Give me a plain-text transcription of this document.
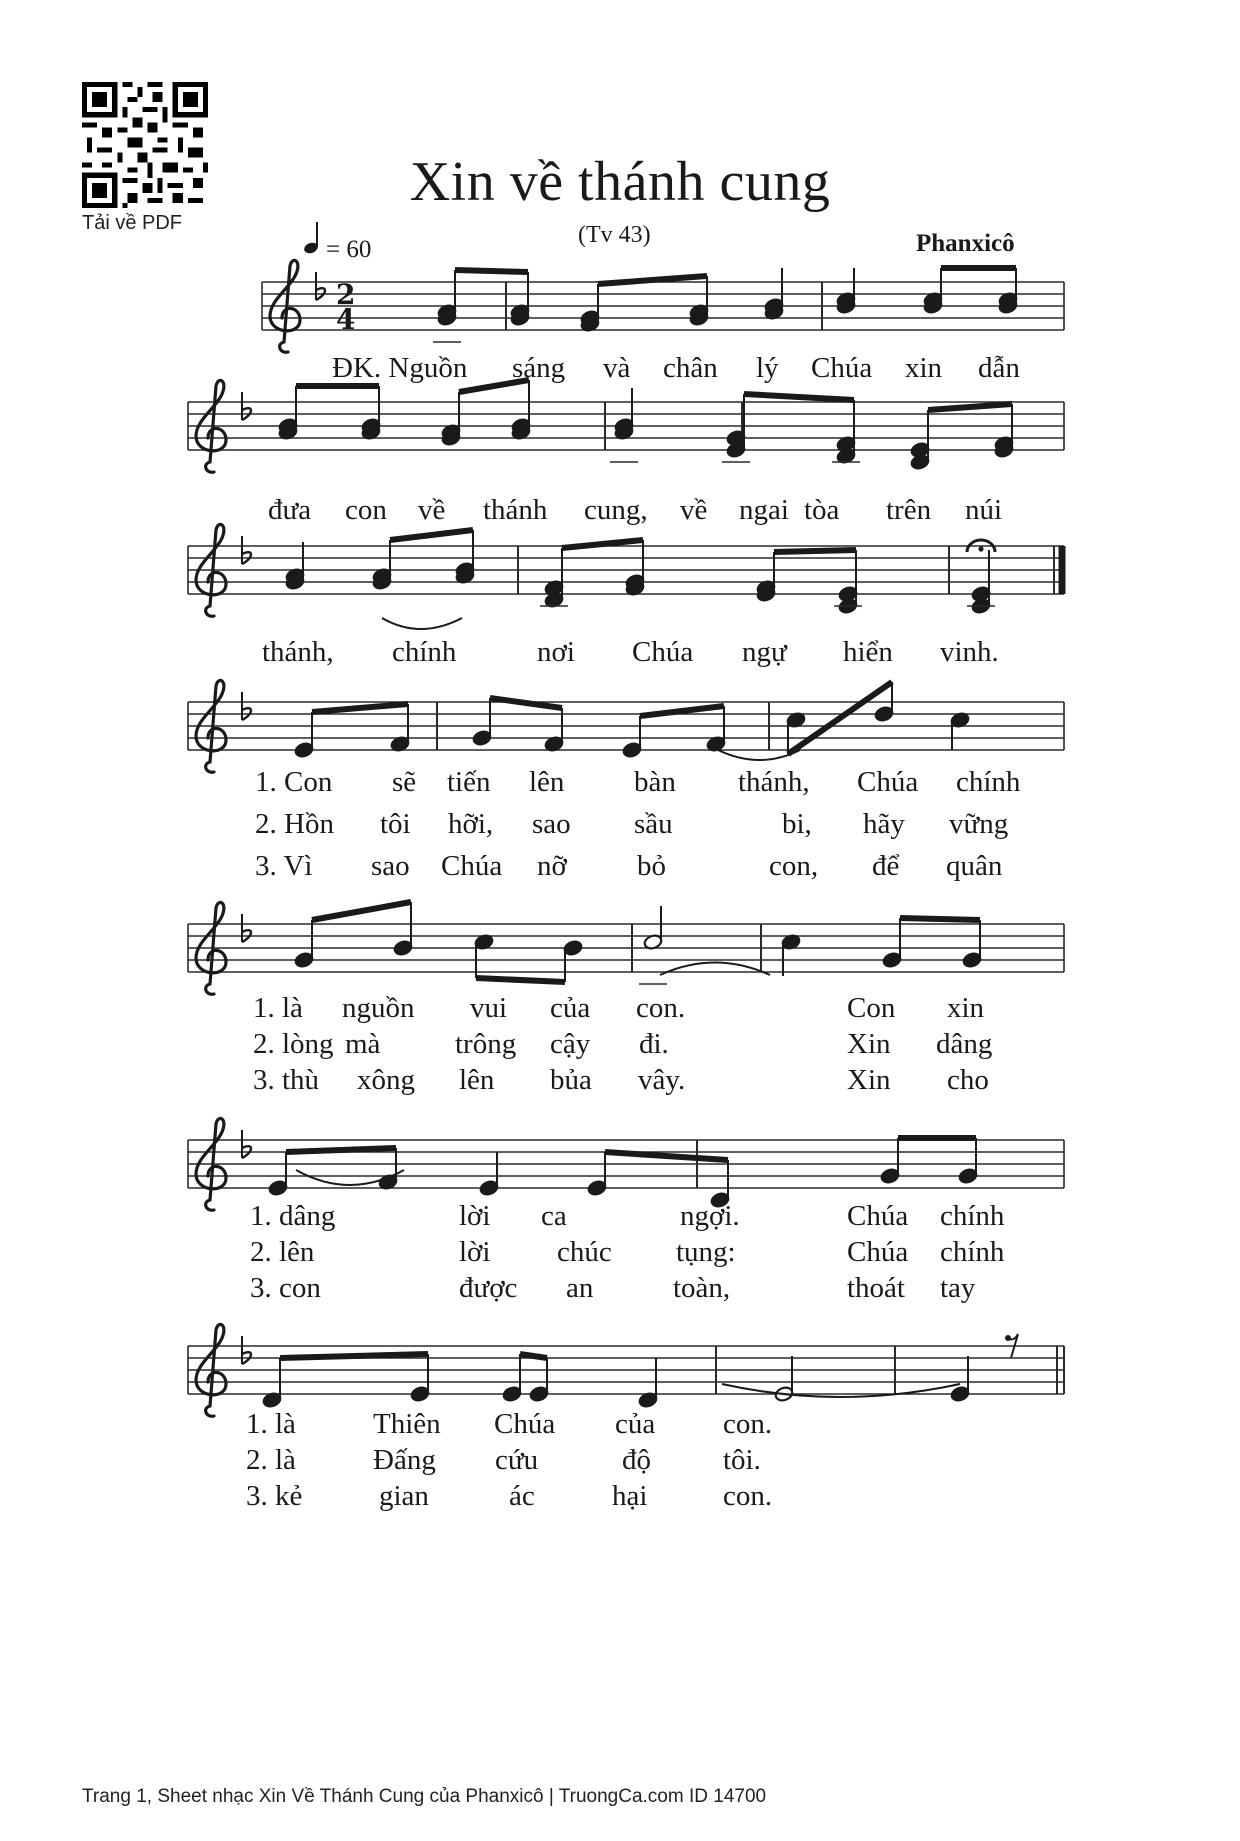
Tải về PDF
Xin về thánh cung
(Tv 43)	Phanxicô
= 60
2
4
ĐK. Nguồn sáng và chân lý Chúa xin dẫn
đưa con về thánh cung, về ngai tòa trên núi
thánh, chính	nơi Chúa ngự hiển vinh.
1. Con sẽ tiến lên bàn thánh, Chúa chính
2. Hồn tôi hỡi, sao sầu	bi, hãy vững
3. Vì sao Chúa nỡ bỏ	con, để quân
1. là nguồn vui của con.	Con xin
2. lòng mà	trông cậy đi.	Xin dâng
3. thù xông lên bủa vây.	Xin cho
1. dâng	lời ca	ngợi.	Chúa chính
2. lên	lời chúc tụng:	Chúa chính
3. con	được an	toàn,	thoát tay
1. là	Thiên Chúa của con.
2. là	Đấng cứu	độ tôi.
3. kẻ	gian	ác	hại	con.
Trang 1, Sheet nhạc Xin Về Thánh Cung của Phanxicô | TruongCa.com ID 14700
